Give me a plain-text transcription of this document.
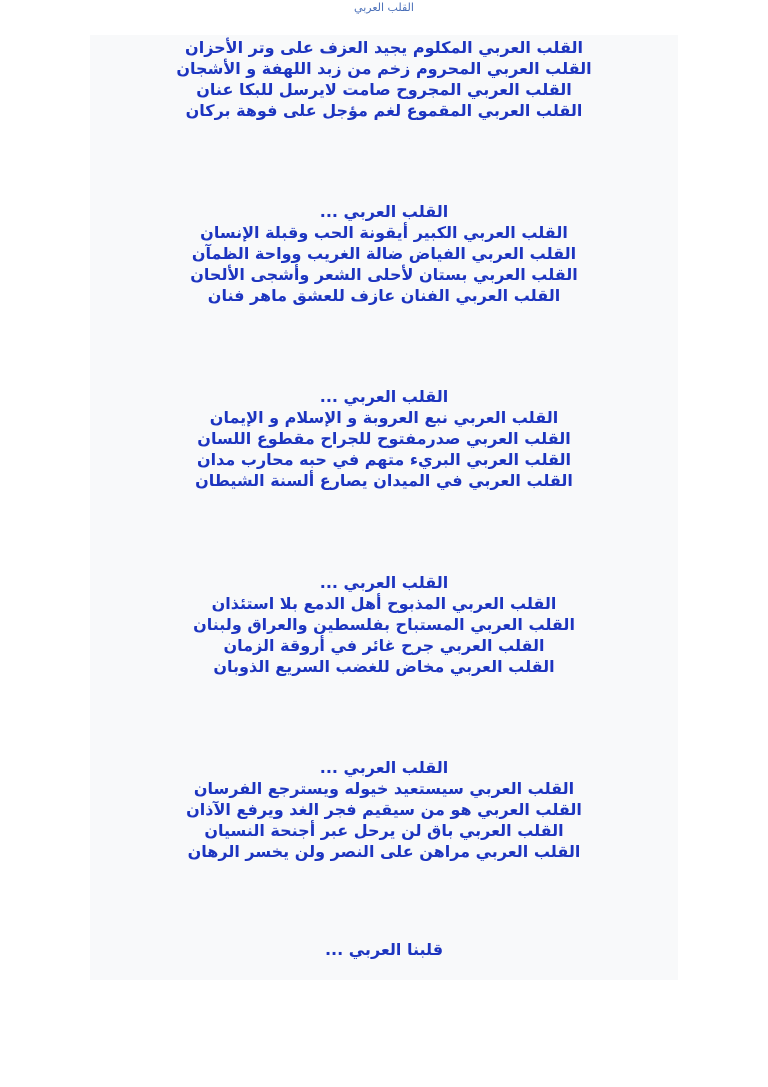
القلب العربي
القلب العربي المكلوم يجيد العزف على وتر الأحزان
القلب العربي المحروم زخم من زبد اللهفة و الأشجان
القلب العربي المجروح صامت لايرسل للبكا عنان
القلب العربي المقموع لغم مؤجل على فوهة بركان
القلب العربي ...
القلب العربي الكبير أيقونة الحب وقبلة الإنسان
القلب العربي الفياض ضالة الغريب وواحة الظمآن
القلب العربي بستان لأحلى الشعر وأشجى الألحان
القلب العربي الفنان عازف للعشق ماهر فنان
القلب العربي ...
القلب العربي نبع العروبة و الإسلام و الإيمان
القلب العربي صدرمفتوح للجراح مقطوع اللسان
القلب العربي البريء متهم في حبه محارب مدان
القلب العربي في الميدان يصارع ألسنة الشيطان
القلب العربي ...
القلب العربي المذبوح أهل الدمع بلا استئذان
القلب العربي المستباح بفلسطين والعراق ولبنان
القلب العربي جرح غائر في أروقة الزمان
القلب العربي مخاض للغضب السريع الذوبان
القلب العربي ...
القلب العربي سيستعيد خيوله ويسترجع الفرسان
القلب العربي هو من سيقيم فجر الغد ويرفع الآذان
القلب العربي باق لن يرحل عبر أجنحة النسيان
القلب العربي مراهن على النصر ولن يخسر الرهان
قلبنا العربي ...
